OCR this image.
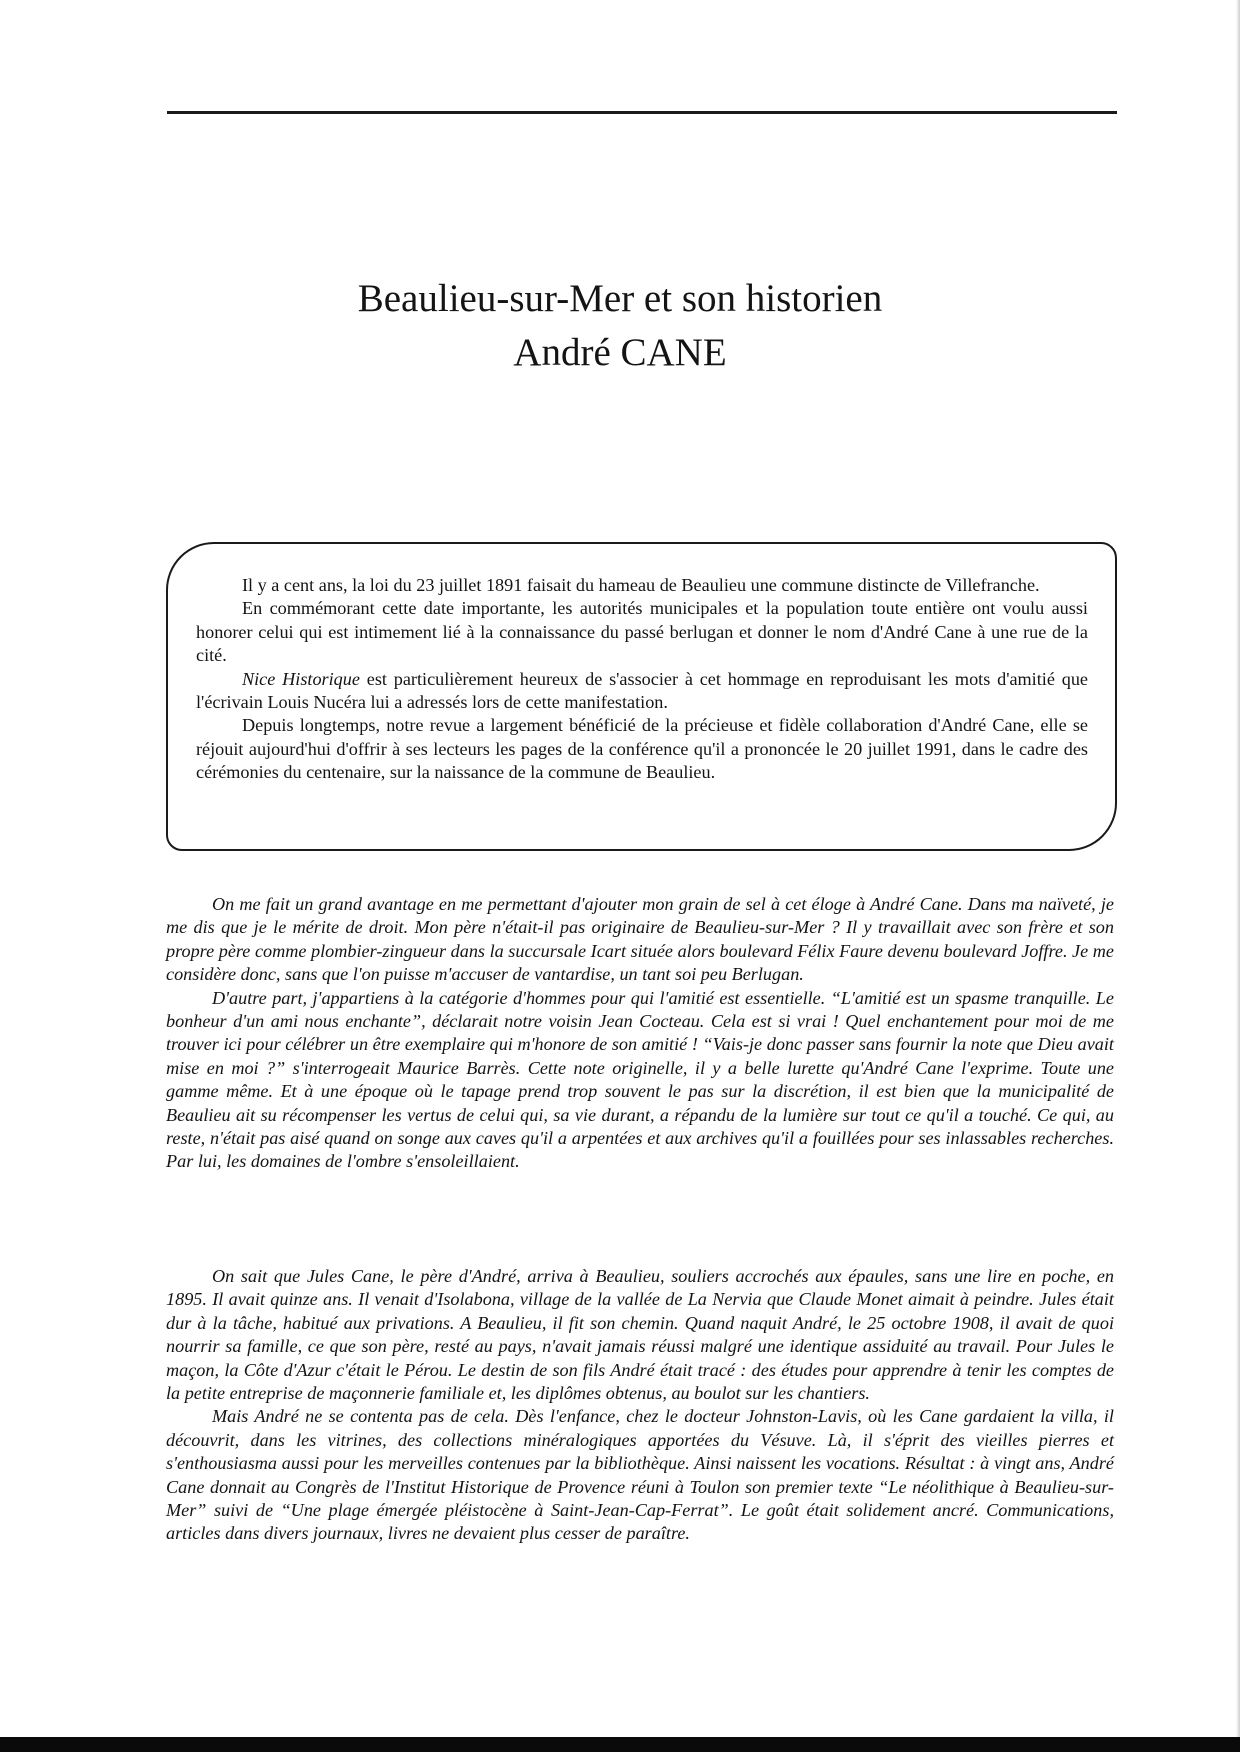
Beaulieu-sur-Mer et son historien
André CANE

Il y a cent ans, la loi du 23 juillet 1891 faisait du hameau de Beaulieu une commune distincte de Villefranche.

En commémorant cette date importante, les autorités municipales et la population toute entière ont voulu aussi honorer celui qui est intimement lié à la connaissance du passé berlugan et donner le nom d'André Cane à une rue de la cité.

Nice Historique est particulièrement heureux de s'associer à cet hommage en reproduisant les mots d'amitié que l'écrivain Louis Nucéra lui a adressés lors de cette manifestation.

Depuis longtemps, notre revue a largement bénéficié de la précieuse et fidèle collaboration d'André Cane, elle se réjouit aujourd'hui d'offrir à ses lecteurs les pages de la conférence qu'il a prononcée le 20 juillet 1991, dans le cadre des cérémonies du centenaire, sur la naissance de la commune de Beaulieu.

On me fait un grand avantage en me permettant d'ajouter mon grain de sel à cet éloge à André Cane. Dans ma naïveté, je me dis que je le mérite de droit. Mon père n'était-il pas originaire de Beaulieu-sur-Mer ? Il y travaillait avec son frère et son propre père comme plombier-zingueur dans la succursale Icart située alors boulevard Félix Faure devenu boulevard Joffre. Je me considère donc, sans que l'on puisse m'accuser de vantardise, un tant soi peu Berlugan.

D'autre part, j'appartiens à la catégorie d'hommes pour qui l'amitié est essentielle. “L'amitié est un spasme tranquille. Le bonheur d'un ami nous enchante”, déclarait notre voisin Jean Cocteau. Cela est si vrai ! Quel enchantement pour moi de me trouver ici pour célébrer un être exemplaire qui m'honore de son amitié ! “Vais-je donc passer sans fournir la note que Dieu avait mise en moi ?” s'interrogeait Maurice Barrès. Cette note originelle, il y a belle lurette qu'André Cane l'exprime. Toute une gamme même. Et à une époque où le tapage prend trop souvent le pas sur la discrétion, il est bien que la municipalité de Beaulieu ait su récompenser les vertus de celui qui, sa vie durant, a répandu de la lumière sur tout ce qu'il a touché. Ce qui, au reste, n'était pas aisé quand on songe aux caves qu'il a arpentées et aux archives qu'il a fouillées pour ses inlassables recherches. Par lui, les domaines de l'ombre s'ensoleillaient.

On sait que Jules Cane, le père d'André, arriva à Beaulieu, souliers accrochés aux épaules, sans une lire en poche, en 1895. Il avait quinze ans. Il venait d'Isolabona, village de la vallée de La Nervia que Claude Monet aimait à peindre. Jules était dur à la tâche, habitué aux privations. A Beaulieu, il fit son chemin. Quand naquit André, le 25 octobre 1908, il avait de quoi nourrir sa famille, ce que son père, resté au pays, n'avait jamais réussi malgré une identique assiduité au travail. Pour Jules le maçon, la Côte d'Azur c'était le Pérou. Le destin de son fils André était tracé : des études pour apprendre à tenir les comptes de la petite entreprise de maçonnerie familiale et, les diplômes obtenus, au boulot sur les chantiers.

Mais André ne se contenta pas de cela. Dès l'enfance, chez le docteur Johnston-Lavis, où les Cane gardaient la villa, il découvrit, dans les vitrines, des collections minéralogiques apportées du Vésuve. Là, il s'éprit des vieilles pierres et s'enthousiasma aussi pour les merveilles contenues par la bibliothèque. Ainsi naissent les vocations. Résultat : à vingt ans, André Cane donnait au Congrès de l'Institut Historique de Provence réuni à Toulon son premier texte “Le néolithique à Beaulieu-sur-Mer” suivi de “Une plage émergée pléistocène à Saint-Jean-Cap-Ferrat”. Le goût était solidement ancré. Communications, articles dans divers journaux, livres ne devaient plus cesser de paraître.
